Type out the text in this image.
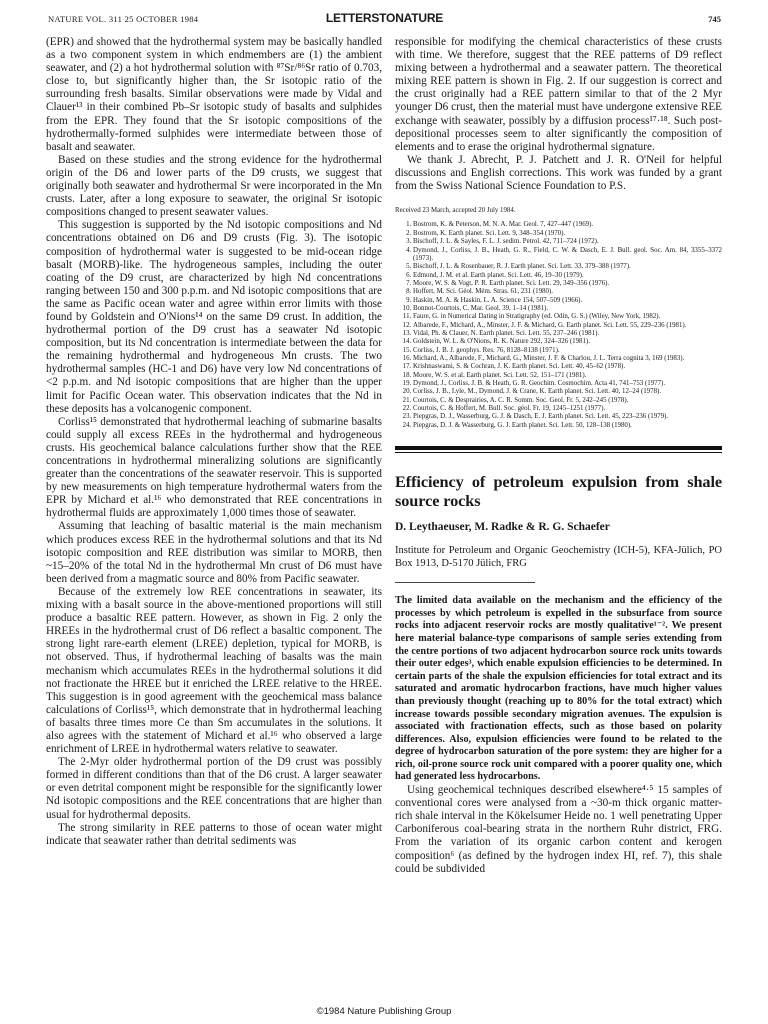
NATURE VOL. 311 25 OCTOBER 1984	LETTERSTONATURE	745

(EPR) and showed that the hydrothermal system may be basically handled as a two component system in which endmembers are (1) the ambient seawater, and (2) a hot hydrothermal solution with ⁸⁷Sr/⁸⁶Sr ratio of 0.703, close to, but significantly higher than, the Sr isotopic ratio of the surrounding fresh basalts. Similar observations were made by Vidal and Clauer¹³ in their combined Pb–Sr isotopic study of basalts and sulphides from the EPR. They found that the Sr isotopic compositions of the hydrothermally-formed sulphides were intermediate between those of basalt and seawater.

Based on these studies and the strong evidence for the hydrothermal origin of the D6 and lower parts of the D9 crusts, we suggest that originally both seawater and hydrothermal Sr were incorporated in the Mn crusts. Later, after a long exposure to seawater, the original Sr isotopic compositions changed to present seawater values.

This suggestion is supported by the Nd isotopic compositions and Nd concentrations obtained on D6 and D9 crusts (Fig. 3). The isotopic composition of hydrothermal water is suggested to be mid-ocean ridge basalt (MORB)-like. The hydrogeneous samples, including the outer coating of the D9 crust, are characterized by high Nd concentrations ranging between 150 and 300 p.p.m. and Nd isotopic compositions that are the same as Pacific ocean water and agree within error limits with those found by Goldstein and O'Nions¹⁴ on the same D9 crust. In addition, the hydrothermal portion of the D9 crust has a seawater Nd isotopic composition, but its Nd concentration is intermediate between the data for the remaining hydrothermal and hydrogeneous Mn crusts. The two hydrothermal samples (HC-1 and D6) have very low Nd concentrations of <2 p.p.m. and Nd isotopic compositions that are higher than the upper limit for Pacific Ocean water. This observation indicates that the Nd in these deposits has a volcanogenic component.

Corliss¹⁵ demonstrated that hydrothermal leaching of submarine basalts could supply all excess REEs in the hydrothermal and hydrogeneous crusts. His geochemical balance calculations further show that the REE concentrations in hydrothermal mineralizing solutions are significantly greater than the concentrations of the seawater reservoir. This is supported by new measurements on high temperature hydrothermal waters from the EPR by Michard et al.¹⁶ who demonstrated that REE concentrations in hydrothermal fluids are approximately 1,000 times those of seawater.

Assuming that leaching of basaltic material is the main mechanism which produces excess REE in the hydrothermal solutions and that its Nd isotopic composition and REE distribution was similar to MORB, then ~15–20% of the total Nd in the hydrothermal Mn crust of D6 must have been derived from a magmatic source and 80% from Pacific seawater.

Because of the extremely low REE concentrations in seawater, its mixing with a basalt source in the above-mentioned proportions will still produce a basaltic REE pattern. However, as shown in Fig. 2 only the HREEs in the hydrothermal crust of D6 reflect a basaltic component. The strong light rare-earth element (LREE) depletion, typical for MORB, is not observed. Thus, if hydrothermal leaching of basalts was the main mechanism which accumulates REEs in the hydrothermal solutions it did not fractionate the HREE but it enriched the LREE relative to the HREE. This suggestion is in good agreement with the geochemical mass balance calculations of Corliss¹⁵, which demonstrate that in hydrothermal leaching of basalts three times more Ce than Sm accumulates in the solutions. It also agrees with the statement of Michard et al.¹⁶ who observed a large enrichment of LREE in hydrothermal waters relative to seawater.

The 2-Myr older hydrothermal portion of the D9 crust was possibly formed in different conditions than that of the D6 crust. A larger seawater or even detrital component might be responsible for the significantly lower Nd isotopic compositions and the REE concentrations that are higher than usual for hydrothermal deposits.

The strong similarity in REE patterns to those of ocean water might indicate that seawater rather than detrital sediments was

responsible for modifying the chemical characteristics of these crusts with time. We therefore, suggest that the REE patterns of D9 reflect mixing between a hydrothermal and a seawater pattern. The theoretical mixing REE pattern is shown in Fig. 2. If our suggestion is correct and the crust originally had a REE pattern similar to that of the 2 Myr younger D6 crust, then the material must have undergone extensive REE exchange with seawater, possibly by a diffusion process¹⁷·¹⁸. Such post-depositional processes seem to alter significantly the composition of elements and to erase the original hydrothermal signature.

We thank J. Abrecht, P. J. Patchett and J. R. O'Neil for helpful discussions and English corrections. This work was funded by a grant from the Swiss National Science Foundation to P.S.

Received 23 March, accepted 20 July 1984.
1. Bostrom, K. & Peterson, M. N. A. Mar. Geol. 7, 427–447 (1969).
2. Bostrom, K. Earth planet. Sci. Lett. 9, 348–354 (1970).
3. Bischoff, J. L. & Sayles, F. L. J. sedim. Petrol. 42, 711–724 (1972).
4. Dymond, J., Corliss, J. B., Heath, G. R., Field, C. W. & Dasch, E. J. Bull. geol. Soc. Am. 84, 3355–3372 (1973).
5. Bischoff, J. L. & Rosenbauer, R. J. Earth planet. Sci. Lett. 33, 379–388 (1977).
6. Edmond, J. M. et al. Earth planet. Sci. Lett. 46, 19–30 (1979).
7. Moore, W. S. & Vogt, P. R. Earth planet. Sci. Lett. 29, 349–356 (1976).
8. Hoffert, M. Sci. Géol. Mém. Stras. 61, 231 (1980).
9. Haskin, M. A. & Haskin, L. A. Science 154, 507–509 (1966).
10. Bonnot-Courtois, C. Mar. Geol. 39, 1–14 (1981).
11. Faure, G. in Numerical Dating in Stratigraphy (ed. Odin, G. S.) (Wiley, New York, 1982).
12. Albarede, F., Michard, A., Minster, J. F. & Michard, G. Earth planet. Sci. Lett. 55, 229–236 (1981).
13. Vidal, Ph. & Clauer, N. Earth planet. Sci. Lett. 55, 237–246 (1981).
14. Goldstein, W. L. & O'Nions, R. K. Nature 292, 324–326 (1981).
15. Corliss, J. B. J. geophys. Res. 76, 8128–8138 (1971).
16. Michard, A., Albarede, F., Michard, G., Minster, J. F. & Charlou, J. L. Terra cognita 3, 169 (1983).
17. Krishnaswami, S. & Cochran, J. K. Earth planet. Sci. Lett. 40, 45–62 (1978).
18. Moore, W. S. et al. Earth planet. Sci. Lett. 52, 151–171 (1981).
19. Dymond, J., Corliss, J. B. & Heath, G. R. Geochim. Cosmochim. Acta 41, 741–753 (1977).
20. Corliss, J. B., Lyle, M., Dymond, J. & Crane, K. Earth planet. Sci. Lett. 40, 12–24 (1978).
21. Courtois, C. & Desprairies, A. C. R. Somm. Soc. Geol. Fr. 5, 242–245 (1978).
22. Courtois, C. & Hoffert, M. Bull. Soc. géol. Fr. 19, 1245–1251 (1977).
23. Piepgras, D. J., Wasserburg, G. J. & Dasch, E. J. Earth planet. Sci. Lett. 45, 223–236 (1979).
24. Piepgras, D. J. & Wasserburg, G. J. Earth planet. Sci. Lett. 50, 128–138 (1980).
Efficiency of petroleum expulsion from shale source rocks
D. Leythaeuser, M. Radke & R. G. Schaefer
Institute for Petroleum and Organic Geochemistry (ICH-5), KFA-Jülich, PO Box 1913, D-5170 Jülich, FRG

The limited data available on the mechanism and the efficiency of the processes by which petroleum is expelled in the subsurface from source rocks into adjacent reservoir rocks are mostly qualitative¹⁻². We present here material balance-type comparisons of sample series extending from the centre portions of two adjacent hydrocarbon source rock units towards their outer edges³, which enable expulsion efficiencies to be determined. In certain parts of the shale the expulsion efficiencies for total extract and its saturated and aromatic hydrocarbon fractions, have much higher values than previously thought (reaching up to 80% for the total extract) which increase towards possible secondary migration avenues. The expulsion is associated with fractionation effects, such as those based on polarity differences. Also, expulsion efficiencies were found to be related to the degree of hydrocarbon saturation of the pore system: they are higher for a rich, oil-prone source rock unit compared with a poorer quality one, which had generated less hydrocarbons.

Using geochemical techniques described elsewhere⁴·⁵ 15 samples of conventional cores were analysed from a ~30-m thick organic matter-rich shale interval in the Kökelsumer Heide no. 1 well penetrating Upper Carboniferous coal-bearing strata in the northern Ruhr district, FRG. From the variation of its organic carbon content and kerogen composition⁶ (as defined by the hydrogen index HI, ref. 7), this shale could be subdivided

©1984 Nature Publishing Group
